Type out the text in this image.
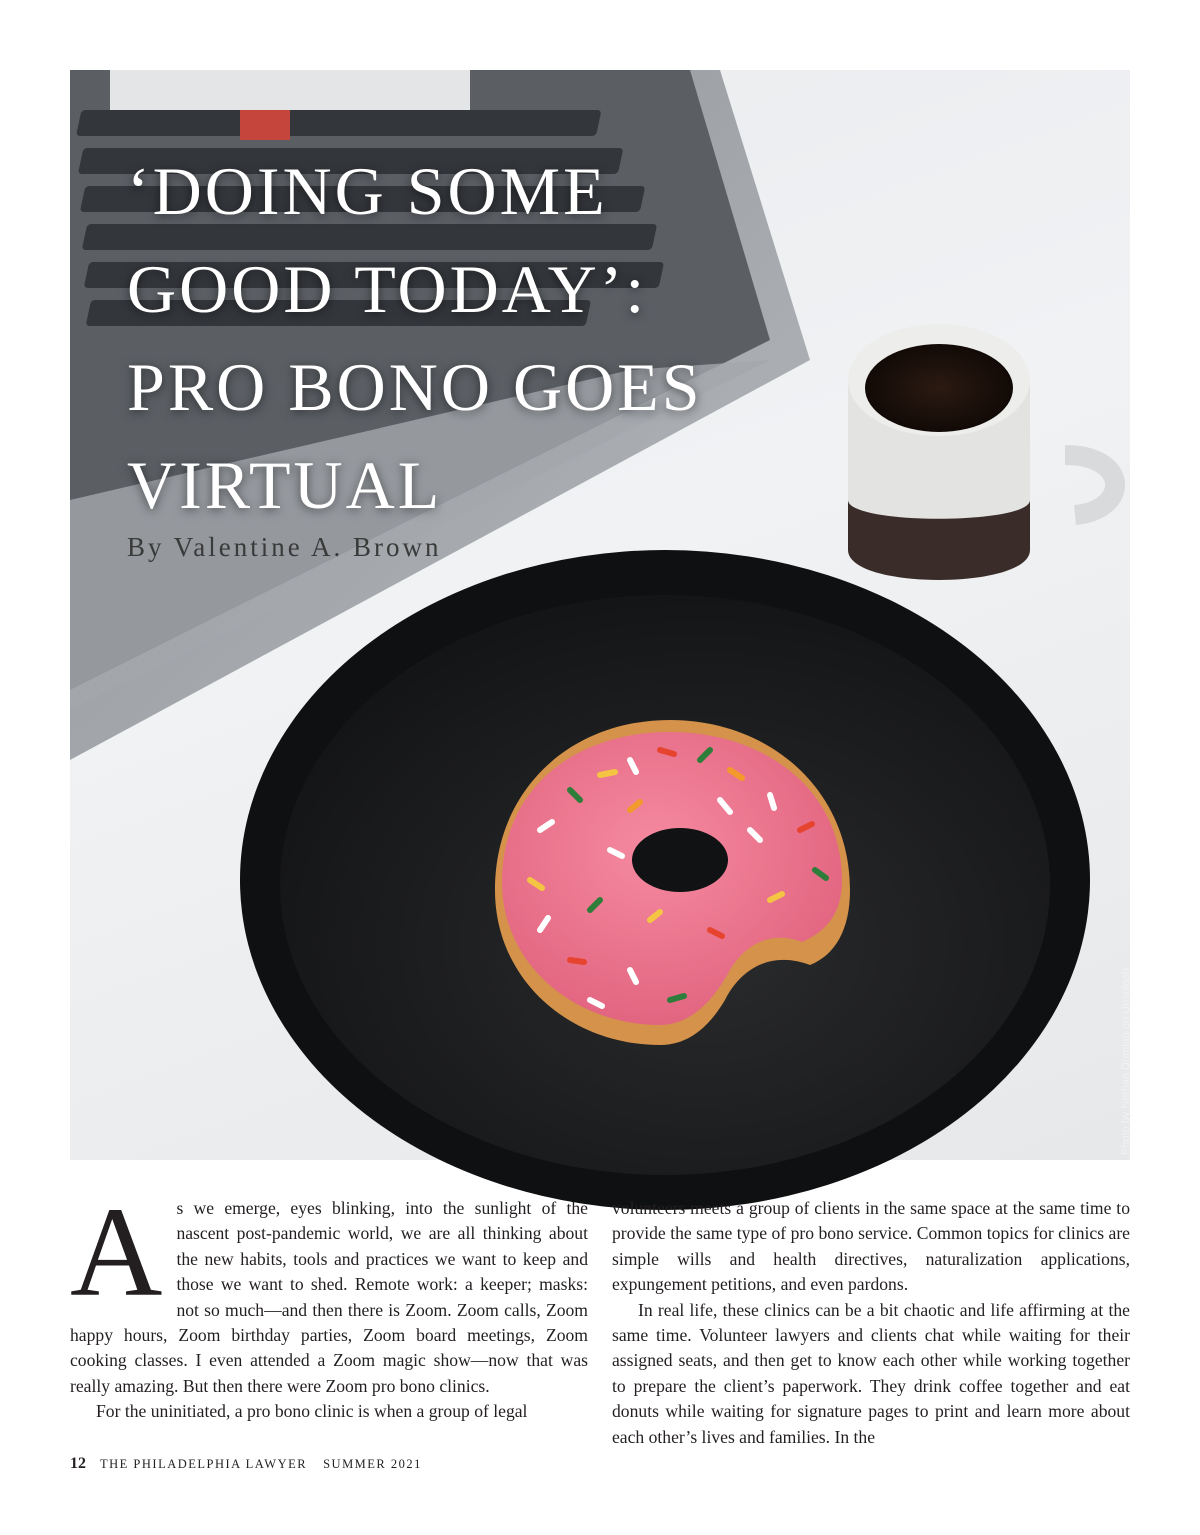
‘DOING SOME
GOOD TODAY’:
PRO BONO GOES
VIRTUAL
By Valentine A. Brown
Photo by Nathan Dumlao on Unsplash

As we emerge, eyes blinking, into the sunlight of the nascent post-pandemic world, we are all thinking about the new habits, tools and practices we want to keep and those we want to shed. Remote work: a keeper; masks: not so much—and then there is Zoom. Zoom calls, Zoom happy hours, Zoom birthday parties, Zoom board meetings, Zoom cooking classes. I even attended a Zoom magic show—now that was really amazing. But then there were Zoom pro bono clinics.

For the uninitiated, a pro bono clinic is when a group of legal

volunteers meets a group of clients in the same space at the same time to provide the same type of pro bono service. Common topics for clinics are simple wills and health directives, naturalization applications, expungement petitions, and even pardons.

In real life, these clinics can be a bit chaotic and life affirming at the same time. Volunteer lawyers and clients chat while waiting for their assigned seats, and then get to know each other while working together to prepare the client’s paperwork. They drink coffee together and eat donuts while waiting for signature pages to print and learn more about each other’s lives and families. In the

12 THE PHILADELPHIA LAWYER SUMMER 2021
